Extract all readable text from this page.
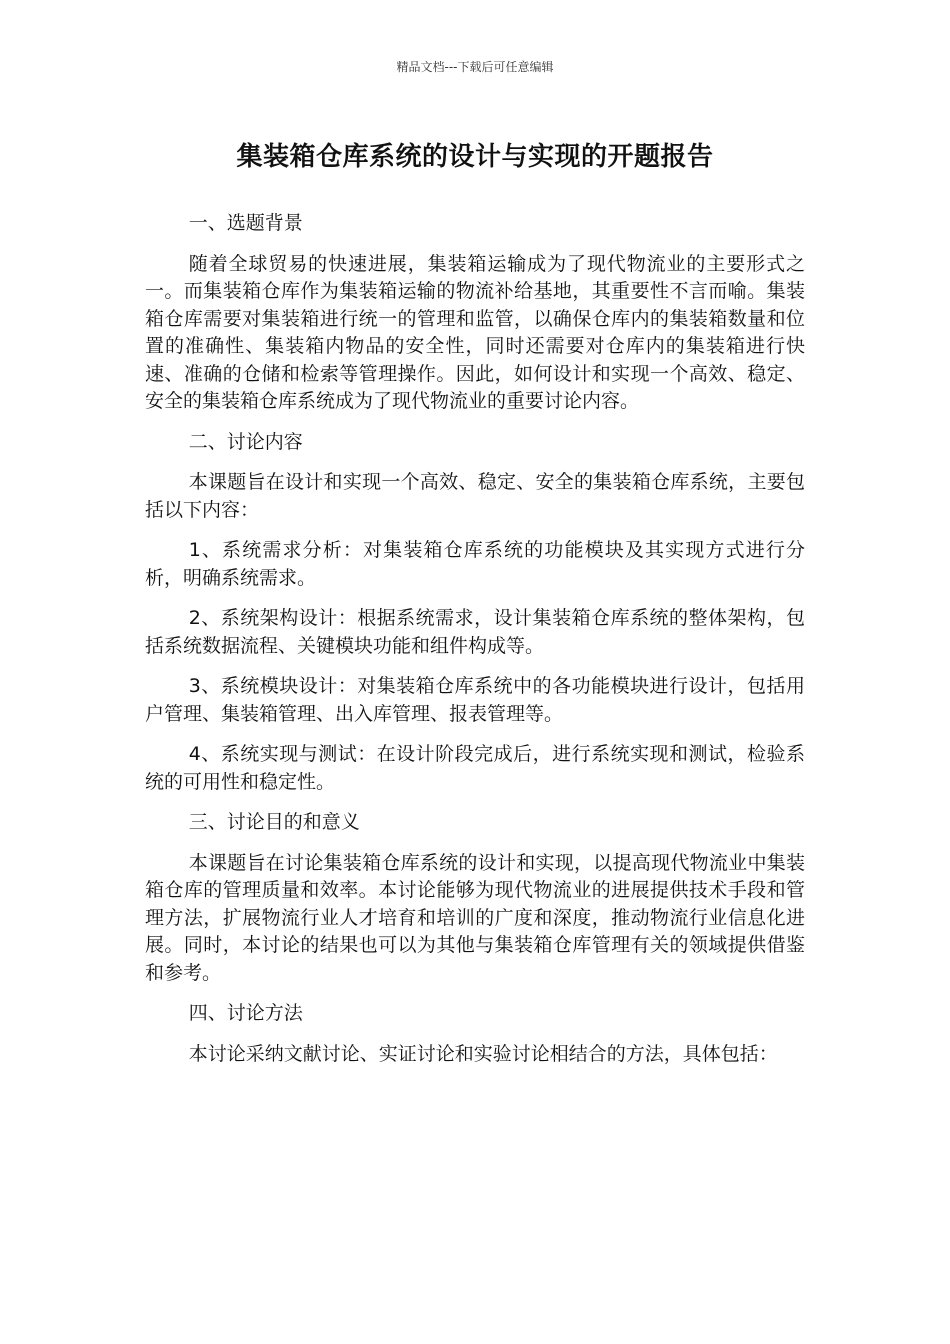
精品文档---下载后可任意编辑
集装箱仓库系统的设计与实现的开题报告

一、选题背景

随着全球贸易的快速进展，集装箱运输成为了现代物流业的主要形式之一。而集装箱仓库作为集装箱运输的物流补给基地，其重要性不言而喻。集装箱仓库需要对集装箱进行统一的管理和监管，以确保仓库内的集装箱数量和位置的准确性、集装箱内物品的安全性，同时还需要对仓库内的集装箱进行快速、准确的仓储和检索等管理操作。因此，如何设计和实现一个高效、稳定、安全的集装箱仓库系统成为了现代物流业的重要讨论内容。

二、讨论内容

本课题旨在设计和实现一个高效、稳定、安全的集装箱仓库系统，主要包括以下内容：

1、系统需求分析：对集装箱仓库系统的功能模块及其实现方式进行分析，明确系统需求。

2、系统架构设计：根据系统需求，设计集装箱仓库系统的整体架构，包括系统数据流程、关键模块功能和组件构成等。

3、系统模块设计：对集装箱仓库系统中的各功能模块进行设计，包括用户管理、集装箱管理、出入库管理、报表管理等。

4、系统实现与测试：在设计阶段完成后，进行系统实现和测试，检验系统的可用性和稳定性。

三、讨论目的和意义

本课题旨在讨论集装箱仓库系统的设计和实现，以提高现代物流业中集装箱仓库的管理质量和效率。本讨论能够为现代物流业的进展提供技术手段和管理方法，扩展物流行业人才培育和培训的广度和深度，推动物流行业信息化进展。同时，本讨论的结果也可以为其他与集装箱仓库管理有关的领域提供借鉴和参考。

四、讨论方法

本讨论采纳文献讨论、实证讨论和实验讨论相结合的方法，具体包括：
